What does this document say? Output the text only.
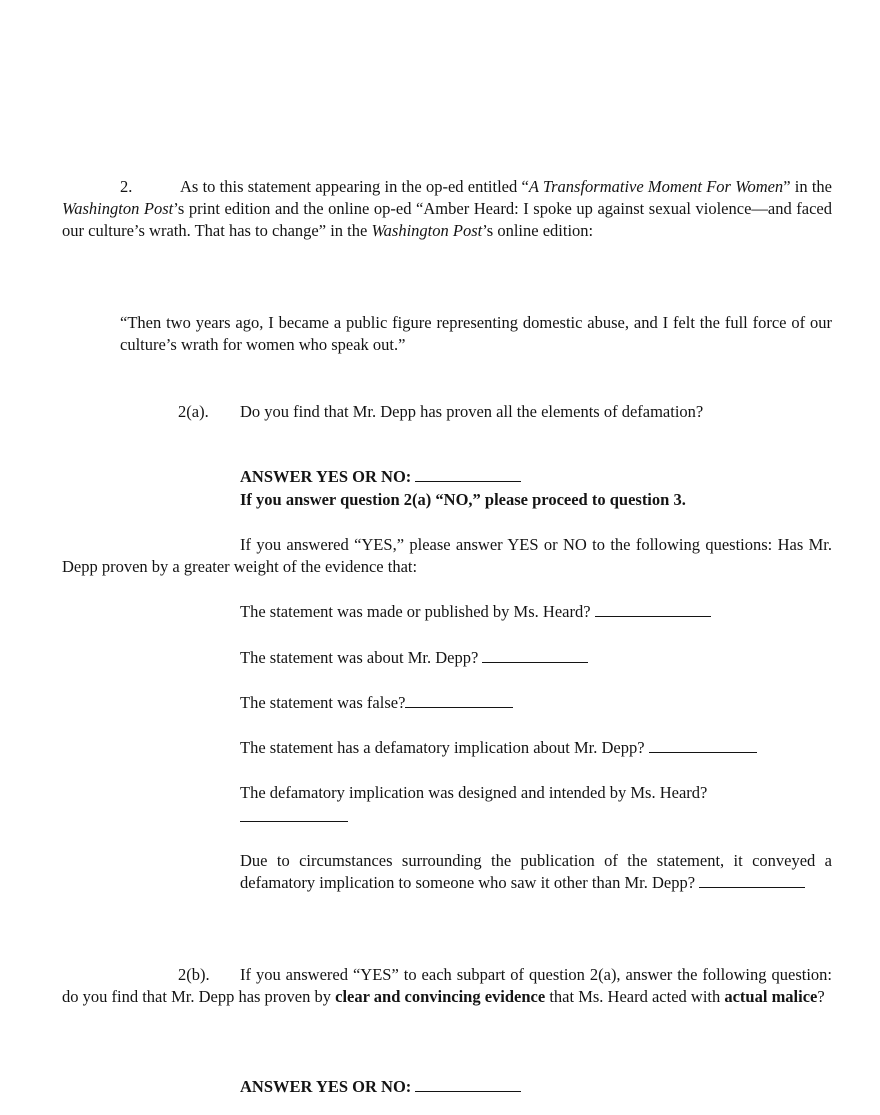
2.	As to this statement appearing in the op-ed entitled “A Transformative Moment For Women” in the Washington Post’s print edition and the online op-ed “Amber Heard: I spoke up against sexual violence—and faced our culture’s wrath. That has to change” in the Washington Post’s online edition:
“Then two years ago, I became a public figure representing domestic abuse, and I felt the full force of our culture’s wrath for women who speak out.”
2(a). Do you find that Mr. Depp has proven all the elements of defamation?
ANSWER YES OR NO:
If you answer question 2(a) “NO,” please proceed to question 3.
If you answered “YES,” please answer YES or NO to the following questions: Has Mr. Depp proven by a greater weight of the evidence that:
The statement was made or published by Ms. Heard?
The statement was about Mr. Depp?
The statement was false?
The statement has a defamatory implication about Mr. Depp?
The defamatory implication was designed and intended by Ms. Heard?
Due to circumstances surrounding the publication of the statement, it conveyed a defamatory implication to someone who saw it other than Mr. Depp?
2(b). If you answered “YES” to each subpart of question 2(a), answer the following question: do you find that Mr. Depp has proven by clear and convincing evidence that Ms. Heard acted with actual malice?
ANSWER YES OR NO:
